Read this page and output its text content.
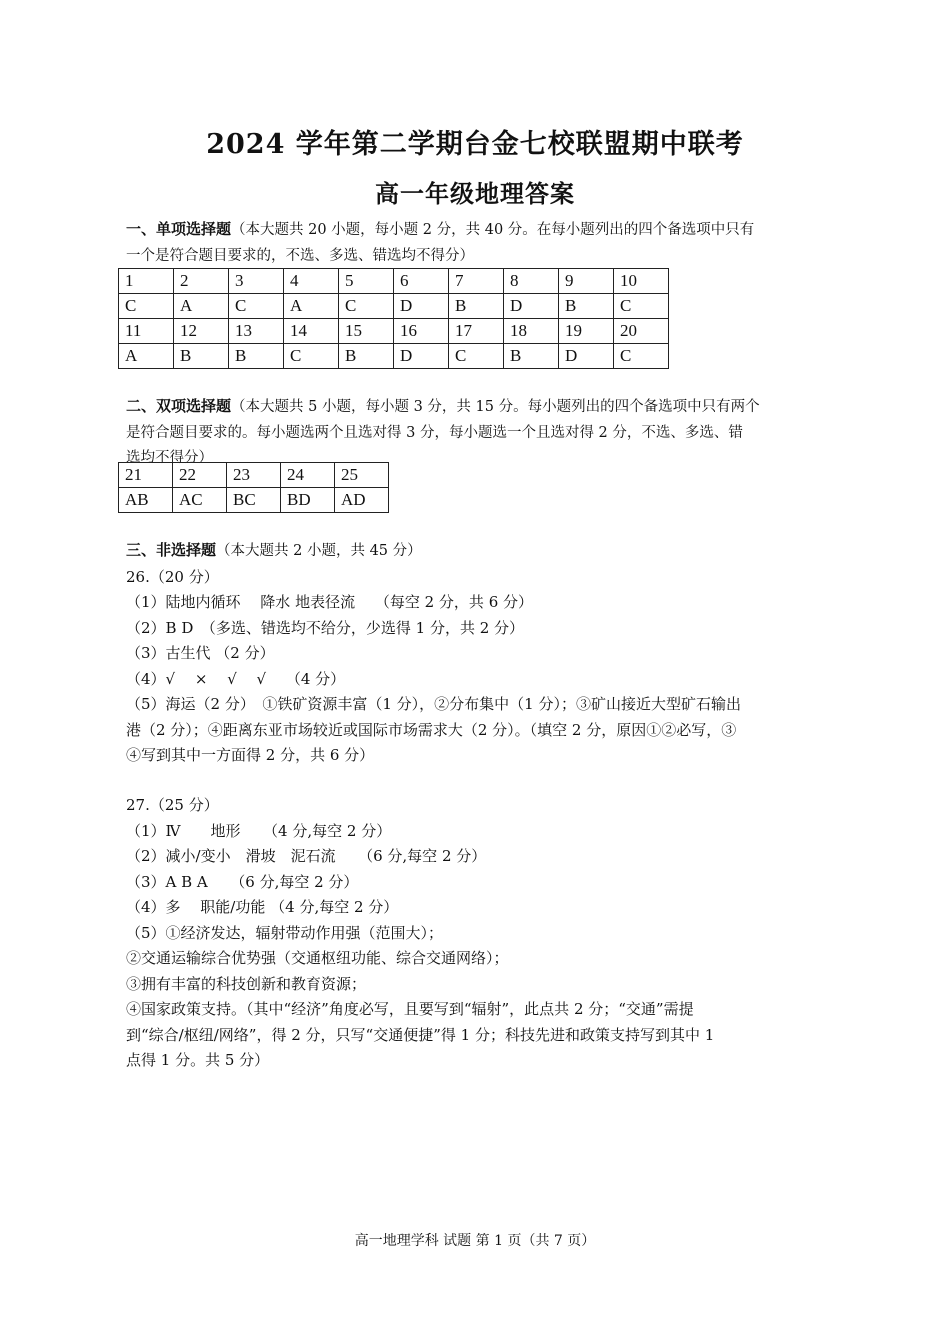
2024 学年第二学期台金七校联盟期中联考
高一年级地理答案
一、单项选择题（本大题共 20 小题，每小题 2 分，共 40 分。在每小题列出的四个备选项中只有
一个是符合题目要求的，不选、多选、错选均不得分）
1	2	3	4	5	6	7	8	9	10
C	A	C	A	C	D	B	D	B	C
11	12	13	14	15	16	17	18	19	20
A	B	B	C	B	D	C	B	D	C
二、双项选择题（本大题共 5 小题，每小题 3 分，共 15 分。每小题列出的四个备选项中只有两个
是符合题目要求的。每小题选两个且选对得 3 分，每小题选一个且选对得 2 分，不选、多选、错
选均不得分）
21	22	23	24	25
AB	AC	BC	BD	AD
三、非选择题（本大题共 2 小题，共 45 分）
26.（20 分）
（1）陆地内循环　 降水 地表径流　 （每空 2 分，共 6 分）
（2）B D　（多选、错选均不给分，少选得 1 分，共 2 分）
（3）古生代 （2 分）
（4）√　 ×　 √　 √　 （4 分）
（5）海运（2 分）　①铁矿资源丰富（1 分），②分布集中（1 分）；③矿山接近大型矿石输出
港（2 分）；④距离东亚市场较近或国际市场需求大（2 分）。（填空 2 分，原因①②必写，③
④写到其中一方面得 2 分，共 6 分）
27.（25 分）
（1）Ⅳ　　地形　　（4 分,每空 2 分）
（2）减小/变小　滑坡　泥石流　　（6 分,每空 2 分）
（3）A B A　　（6 分,每空 2 分）
（4）多　 职能/功能 （4 分,每空 2 分）
（5）①经济发达，辐射带动作用强（范围大）；
②交通运输综合优势强（交通枢纽功能、综合交通网络）；
③拥有丰富的科技创新和教育资源；
④国家政策支持。（其中“经济”角度必写，且要写到“辐射”，此点共 2 分；“交通”需提
到“综合/枢纽/网络”，得 2 分，只写“交通便捷”得 1 分；科技先进和政策支持写到其中 1
点得 1 分。共 5 分）
高一地理学科 试题 第 1 页（共 7 页）
